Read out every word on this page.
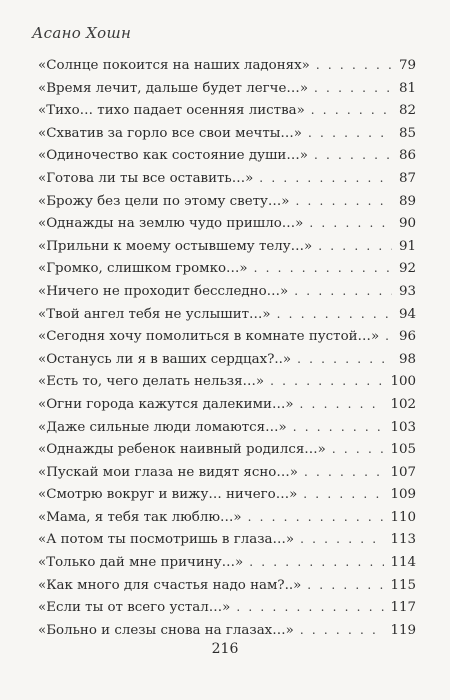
Асано Хошн
«Солнце покоится на наших ладонях» . . .	79
«Время лечит, дальше будет легче…» . . .	81
«Тихо… тихо падает осенняя листва» . . .	82
«Схватив за горло все свои мечты…» . . .	85
«Одиночество как состояние души…» . . .	86
«Готова ли ты все оставить…» . . .	87
«Брожу без цели по этому свету…» . . .	89
«Однажды на землю чудо пришло…» . . .	90
«Прильни к моему остывшему телу…» . . .	91
«Громко, слишком громко…» . . .	92
«Ничего не проходит бесследно…» . . .	93
«Твой ангел тебя не услышит…» . . .	94
«Сегодня хочу помолиться в комнате пустой…» . . . 96
«Останусь ли я в ваших сердцах?..» . . .	98
«Есть то, чего делать нельзя…» . . .	100
«Огни города кажутся далекими…» . . .	102
«Даже сильные люди ломаются…» . . .	103
«Однажды ребенок наивный родился…» . . .	105
«Пускай мои глаза не видят ясно…» . . .	107
«Смотрю вокруг и вижу… ничего…» . . .	109
«Мама, я тебя так люблю…» . . .	110
«А потом ты посмотришь в глаза…» . . .	113
«Только дай мне причину…» . . .	114
«Как много для счастья надо нам?..» . . .	115
«Если ты от всего устал…» . . .	117
«Больно и слезы снова на глазах…» . . .	119
216
